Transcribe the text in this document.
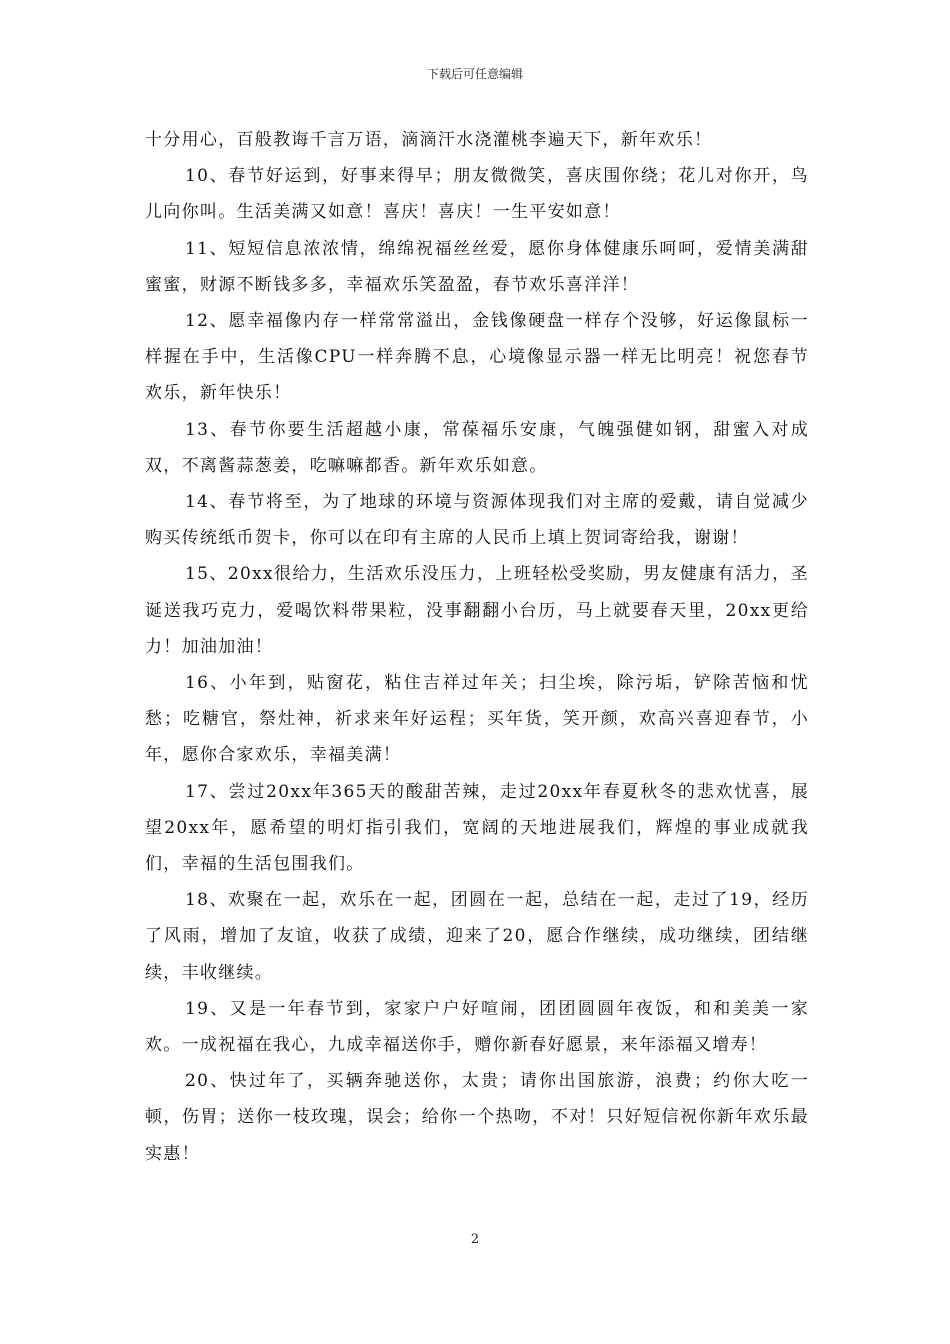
下载后可任意编辑

十分用心，百般教诲千言万语，滴滴汗水浇灌桃李遍天下，新年欢乐！

10、春节好运到，好事来得早；朋友微微笑，喜庆围你绕；花儿对你开，鸟儿向你叫。生活美满又如意！喜庆！喜庆！一生平安如意！

11、短短信息浓浓情，绵绵祝福丝丝爱，愿你身体健康乐呵呵，爱情美满甜蜜蜜，财源不断钱多多，幸福欢乐笑盈盈，春节欢乐喜洋洋！

12、愿幸福像内存一样常常溢出，金钱像硬盘一样存个没够，好运像鼠标一样握在手中，生活像CPU一样奔腾不息，心境像显示器一样无比明亮！祝您春节欢乐，新年快乐！

13、春节你要生活超越小康，常葆福乐安康，气魄强健如钢，甜蜜入对成双，不离酱蒜葱姜，吃嘛嘛都香。新年欢乐如意。

14、春节将至，为了地球的环境与资源体现我们对主席的爱戴，请自觉减少购买传统纸币贺卡，你可以在印有主席的人民币上填上贺词寄给我，谢谢！

15、20xx很给力，生活欢乐没压力，上班轻松受奖励，男友健康有活力，圣诞送我巧克力，爱喝饮料带果粒，没事翻翻小台历，马上就要春天里，20xx更给力！加油加油！

16、小年到，贴窗花，粘住吉祥过年关；扫尘埃，除污垢，铲除苦恼和忧愁；吃糖官，祭灶神，祈求来年好运程；买年货，笑开颜，欢高兴喜迎春节，小年，愿你合家欢乐，幸福美满！

17、尝过20xx年365天的酸甜苦辣，走过20xx年春夏秋冬的悲欢忧喜，展望20xx年，愿希望的明灯指引我们，宽阔的天地进展我们，辉煌的事业成就我们，幸福的生活包围我们。

18、欢聚在一起，欢乐在一起，团圆在一起，总结在一起，走过了19，经历了风雨，增加了友谊，收获了成绩，迎来了20，愿合作继续，成功继续，团结继续，丰收继续。

19、又是一年春节到，家家户户好喧闹，团团圆圆年夜饭，和和美美一家欢。一成祝福在我心，九成幸福送你手，赠你新春好愿景，来年添福又增寿！

20、快过年了，买辆奔驰送你，太贵；请你出国旅游，浪费；约你大吃一顿，伤胃；送你一枝玫瑰，误会；给你一个热吻，不对！只好短信祝你新年欢乐最实惠！

2
